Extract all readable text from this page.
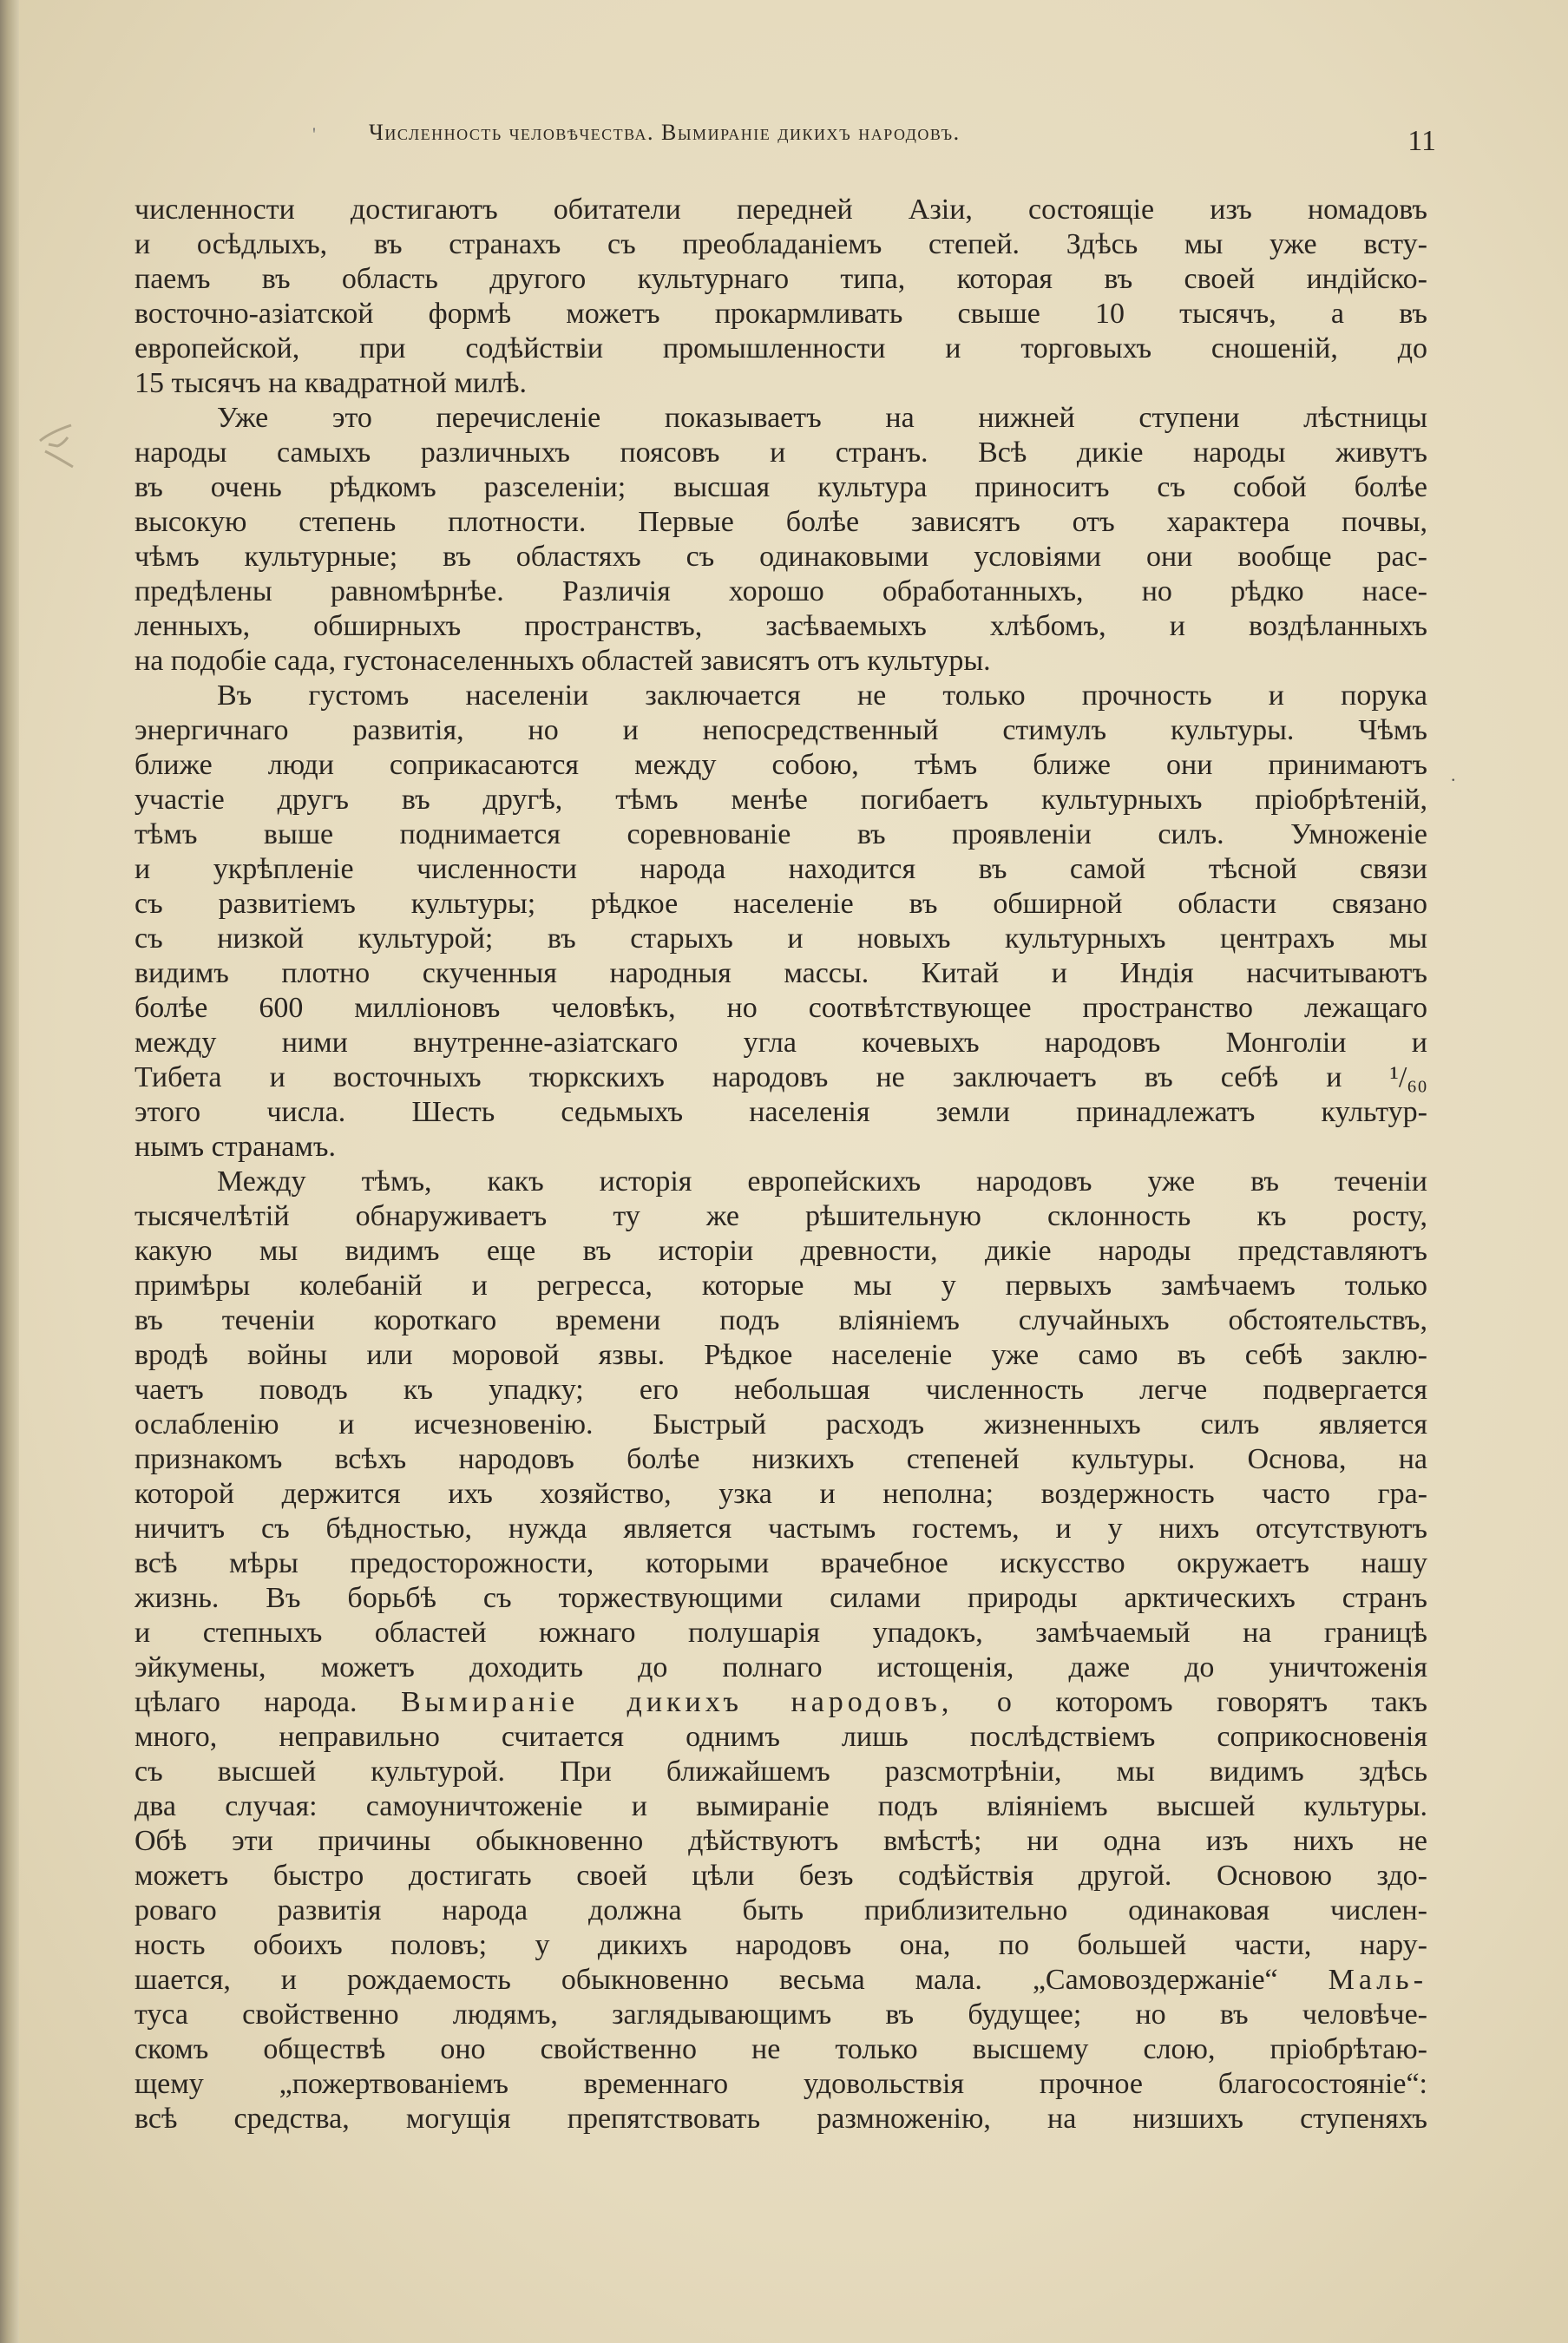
.
' Численность человѣчества. Вымиранiе дикихъ народовъ.	11
численности достигаютъ обитатели передней Азiи, состоящiе изъ номадовъ
и осѣдлыхъ, въ странахъ съ преобладанiемъ степей. Здѣсь мы уже всту-
паемъ въ область другого культурнаго типа, которая въ своей индiйско-
восточно-азiатской формѣ можетъ прокармливать свыше 10 тысячъ, а въ
европейской, при содѣйствiи промышленности и торговыхъ сношенiй, до
15 тысячъ на квадратной милѣ.
Уже это перечисленiе показываетъ на нижней ступени лѣстницы
народы самыхъ различныхъ поясовъ и странъ. Всѣ дикiе народы живутъ
въ очень рѣдкомъ разселенiи; высшая культура приноситъ съ собой болѣе
высокую степень плотности. Первые болѣе зависятъ отъ характера почвы,
чѣмъ культурные; въ областяхъ съ одинаковыми условiями они вообще рас-
предѣлены равномѣрнѣе. Различiя хорошо обработанныхъ, но рѣдко насе-
ленныхъ, обширныхъ пространствъ, засѣваемыхъ хлѣбомъ, и воздѣланныхъ
на подобiе сада, густонаселенныхъ областей зависятъ отъ культуры.
Въ густомъ населенiи заключается не только прочность и порука
энергичнаго развитiя, но и непосредственный стимулъ культуры. Чѣмъ
ближе люди соприкасаются между собою, тѣмъ ближе они принимаютъ
участiе другъ въ другѣ, тѣмъ менѣе погибаетъ культурныхъ прiобрѣтенiй,
тѣмъ выше поднимается соревнованiе въ проявленiи силъ. Умноженiе
и укрѣпленiе численности народа находится въ самой тѣсной связи
съ развитiемъ культуры; рѣдкое населенiе въ обширной области связано
съ низкой культурой; въ старыхъ и новыхъ культурныхъ центрахъ мы
видимъ плотно скученныя народныя массы. Китай и Индiя насчитываютъ
болѣе 600 миллiоновъ человѣкъ, но соотвѣтствующее пространство лежащаго
между ними внутренне-азiатскаго угла кочевыхъ народовъ Монголiи и
Тибета и восточныхъ тюркскихъ народовъ не заключаетъ въ себѣ и ¹/₆₀
этого числа. Шесть седьмыхъ населенiя земли принадлежатъ культур-
нымъ странамъ.
Между тѣмъ, какъ исторiя европейскихъ народовъ уже въ теченiи
тысячелѣтiй обнаруживаетъ ту же рѣшительную склонность къ росту,
какую мы видимъ еще въ исторiи древности, дикiе народы представляютъ
примѣры колебанiй и регресса, которые мы у первыхъ замѣчаемъ только
въ теченiи короткаго времени подъ влiянiемъ случайныхъ обстоятельствъ,
вродѣ войны или моровой язвы. Рѣдкое населенiе уже само въ себѣ заклю-
чаетъ поводъ къ упадку; его небольшая численность легче подвергается
ослабленiю и исчезновенiю. Быстрый расходъ жизненныхъ силъ является
признакомъ всѣхъ народовъ болѣе низкихъ степеней культуры. Основа, на
которой держится ихъ хозяйство, узка и неполна; воздержность часто гра-
ничитъ съ бѣдностью, нужда является частымъ гостемъ, и у нихъ отсутствуютъ
всѣ мѣры предосторожности, которыми врачебное искусство окружаетъ нашу
жизнь. Въ борьбѣ съ торжествующими силами природы арктическихъ странъ
и степныхъ областей южнаго полушарiя упадокъ, замѣчаемый на границѣ
эйкумены, можетъ доходить до полнаго истощенiя, даже до уничтоженiя
цѣлаго народа. Вымиранiе дикихъ народовъ, о которомъ говорятъ такъ
много, неправильно считается однимъ лишь послѣдствiемъ соприкосновенiя
съ высшей культурой. При ближайшемъ разсмотрѣнiи, мы видимъ здѣсь
два случая: самоуничтоженiе и вымиранiе подъ влiянiемъ высшей культуры.
Обѣ эти причины обыкновенно дѣйствуютъ вмѣстѣ; ни одна изъ нихъ не
можетъ быстро достигать своей цѣли безъ содѣйствiя другой. Основою здо-
роваго развитiя народа должна быть приблизительно одинаковая числен-
ность обоихъ половъ; у дикихъ народовъ она, по большей части, нару-
шается, и рождаемость обыкновенно весьма мала. „Самовоздержанiе“ Маль-
туса свойственно людямъ, заглядывающимъ въ будущее; но въ человѣче-
скомъ обществѣ оно свойственно не только высшему слою, прiобрѣтаю-
щему „пожертвованiемъ временнаго удовольствiя прочное благосостоянiе“:
всѣ средства, могущiя препятствовать размноженiю, на низшихъ ступеняхъ
